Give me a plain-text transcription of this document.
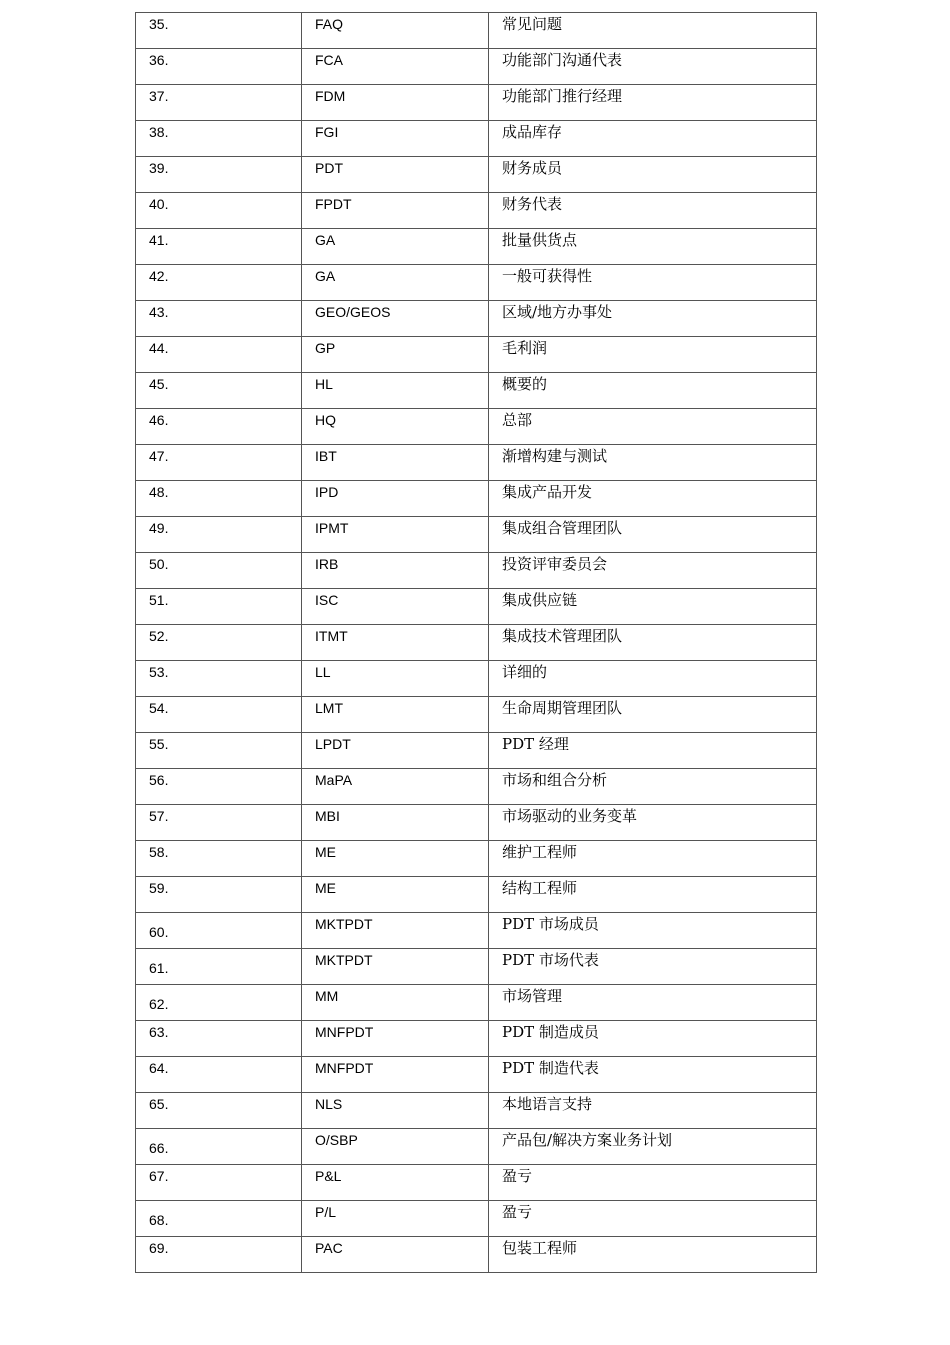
35.	FAQ	常见问题
36.	FCA	功能部门沟通代表
37.	FDM	功能部门推行经理
38.	FGI	成品库存
39.	PDT	财务成员
40.	FPDT	财务代表
41.	GA	批量供货点
42.	GA	一般可获得性
43.	GEO/GEOS	区域/地方办事处
44.	GP	毛利润
45.	HL	概要的
46.	HQ	总部
47.	IBT	渐增构建与测试
48.	IPD	集成产品开发
49.	IPMT	集成组合管理团队
50.	IRB	投资评审委员会
51.	ISC	集成供应链
52.	ITMT	集成技术管理团队
53.	LL	详细的
54.	LMT	生命周期管理团队
55.	LPDT	PDT 经理
56.	MaPA	市场和组合分析
57.	MBI	市场驱动的业务变革
58.	ME	维护工程师
59.	ME	结构工程师
60.	MKTPDT	PDT 市场成员
61.	MKTPDT	PDT 市场代表
62.	MM	市场管理
63.	MNFPDT	PDT 制造成员
64.	MNFPDT	PDT 制造代表
65.	NLS	本地语言支持
66.	O/SBP	产品包/解决方案业务计划
67.	P&L	盈亏
68.	P/L	盈亏
69.	PAC	包装工程师
